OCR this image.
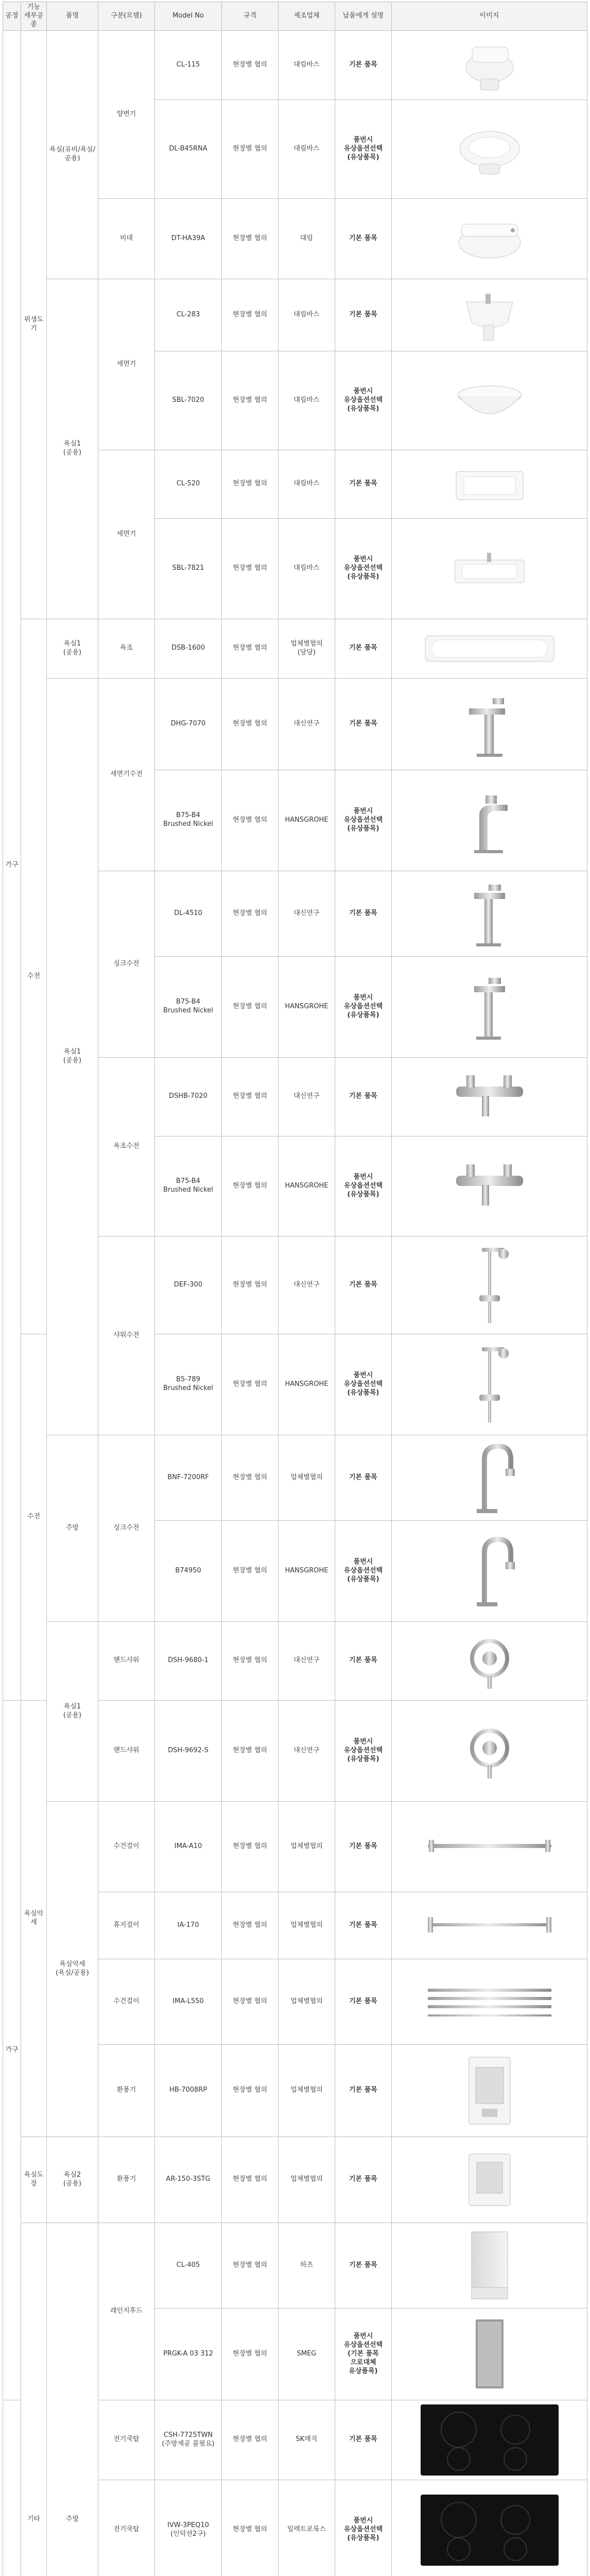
공정	기능 세부공종	품명	구분(모델)	Model No	규격	제조업체	납품에게 설명	이미지
가구	위생도기	욕실(유비/욕실/공용)	양변기	CL-115	현장별 협의	대림바스	기본 품목	

				DL-B45RNA	현장별 협의	대림바스	품번시
유상옵션선택
(유상품목)	

			비데	DT-HA39A	현장별 협의	대림	기본 품목	

		욕실1
(공용)	세면기	CL-283	현장별 협의	대림바스	기본 품목	

				SBL-7020	현장별 협의	대림바스	품번시
유상옵션선택
(유상품목)	

			세면기	CL-520	현장별 협의	대림바스	기본 품목	

				SBL-7821	현장별 협의	대림바스	품번시
유상옵션선택
(유상품목)	

	수전	욕실1
(공용)	욕조	DSB-1600	현장별 협의	업체별협의
(당당)	기본 품목	

		욕실1
(공용)	세면기수전	DHG-7070	현장별 협의	대신연구	기본 품목	

				B75-B4
Brushed Nickel	현장별 협의	HANSGROHE	품번시
유상옵션선택
(유상품목)	

			싱크수전	DL-4510	현장별 협의	대신연구	기본 품목	

				B75-B4
Brushed Nickel	현장별 협의	HANSGROHE	품번시
유상옵션선택
(유상품목)	

			욕조수전	DSHB-7020	현장별 협의	대신연구	기본 품목	

				B75-B4
Brushed Nickel	현장별 협의	HANSGROHE	품번시
유상옵션선택
(유상품목)	

			샤워수전	DEF-300	현장별 협의	대신연구	기본 품목	

	수전			B5-789
Brushed Nickel	현장별 협의	HANSGROHE	품번시
유상옵션선택
(유상품목)	

		주방	싱크수전	BNF-7200RF	현장별 협의	업체별협의	기본 품목	

				B74950	현장별 협의	HANSGROHE	품번시
유상옵션선택
(유상품목)	

		욕실1
(공용)	핸드샤워	DSH-9680-1	현장별 협의	대신연구	기본 품목	

가구	욕실악세		핸드샤워	DSH-9692-S	현장별 협의	대신연구	품번시
유상옵션선택
(유상품목)	

		욕실악세
(욕실/공용)	수건걸이	IMA-A10	현장별 협의	업체별협의	기본 품목	

			휴지걸이	IA-170	현장별 협의	업체별협의	기본 품목	

			수건걸이	IMA-L550	현장별 협의	업체별협의	기본 품목	

			환풍기	HB-7008RP	현장별 협의	업체별협의	기본 품목	

	욕실도장	욕실2
(공용)	환풍기	AR-150-3STG	현장별 협의	업체별협의	기본 품목	

	기타	주방	레인지후드	CL-405	현장별 협의	하츠	기본 품목	

				PRGK-A 03 312	현장별 협의	SMEG	품번시
유상옵션선택
(기본 품목
으로대체
유상품목)	

	전기쿡탑	CSH-7725TWN
(주방제공 불필요)	현장별 협의	SK매직	기본 품목	

			전기쿡탑	IVW-3PEQ10
(인덕션2구)	현장별 협의	일렉트로룩스	품번시
유상옵션선택
(유상품목)	
